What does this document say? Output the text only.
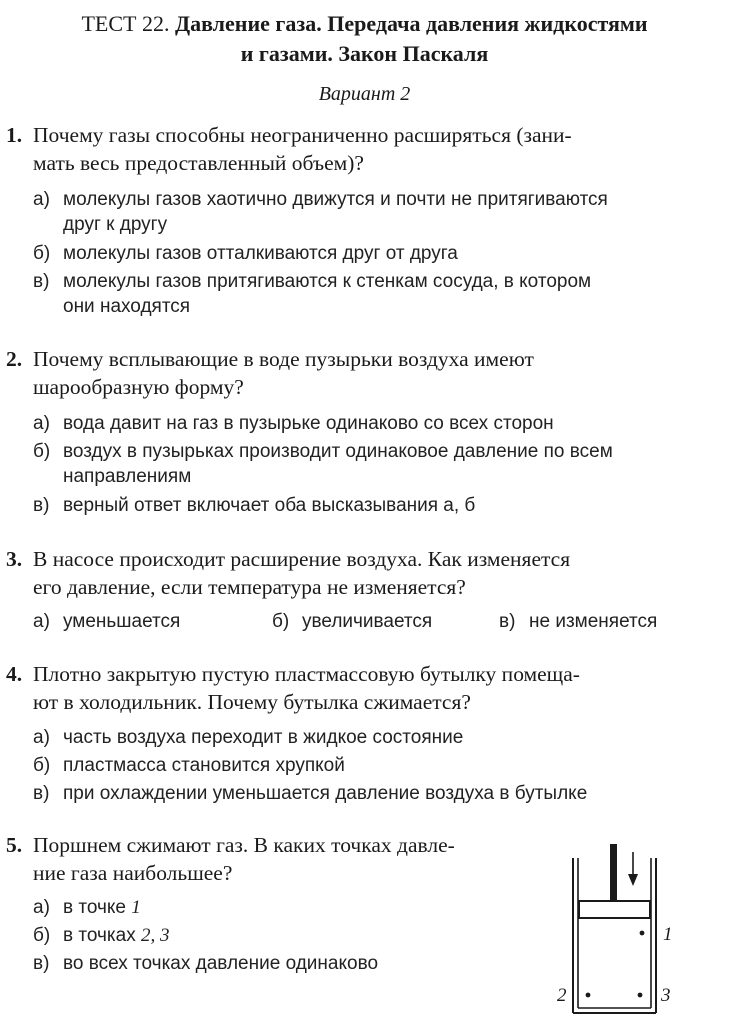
ТЕСТ 22. Давление газа. Передача давления жидкостями
и газами. Закон Паскаля
Вариант 2
1. Почему газы способны неограниченно расширяться (зани-
мать весь предоставленный объем)?
а) молекулы газов хаотично движутся и почти не притягиваются
друг к другу
б) молекулы газов отталкиваются друг от друга
в) молекулы газов притягиваются к стенкам сосуда, в котором
они находятся
2. Почему всплывающие в воде пузырьки воздуха имеют
шарообразную форму?
а) вода давит на газ в пузырьке одинаково со всех сторон
б) воздух в пузырьках производит одинаковое давление по всем
направлениям
в) верный ответ включает оба высказывания а, б
3. В насосе происходит расширение воздуха. Как изменяется
его давление, если температура не изменяется?
а) уменьшается	б) увеличивается	в) не изменяется
4. Плотно закрытую пустую пластмассовую бутылку помеща-
ют в холодильник. Почему бутылка сжимается?
а) часть воздуха переходит в жидкое состояние
б) пластмасса становится хрупкой
в) при охлаждении уменьшается давление воздуха в бутылке
5. Поршнем сжимают газ. В каких точках давле-
ние газа наибольшее?
а) в точке 1
б) в точках 2, 3
в) во всех точках давление одинаково
1
2	3
